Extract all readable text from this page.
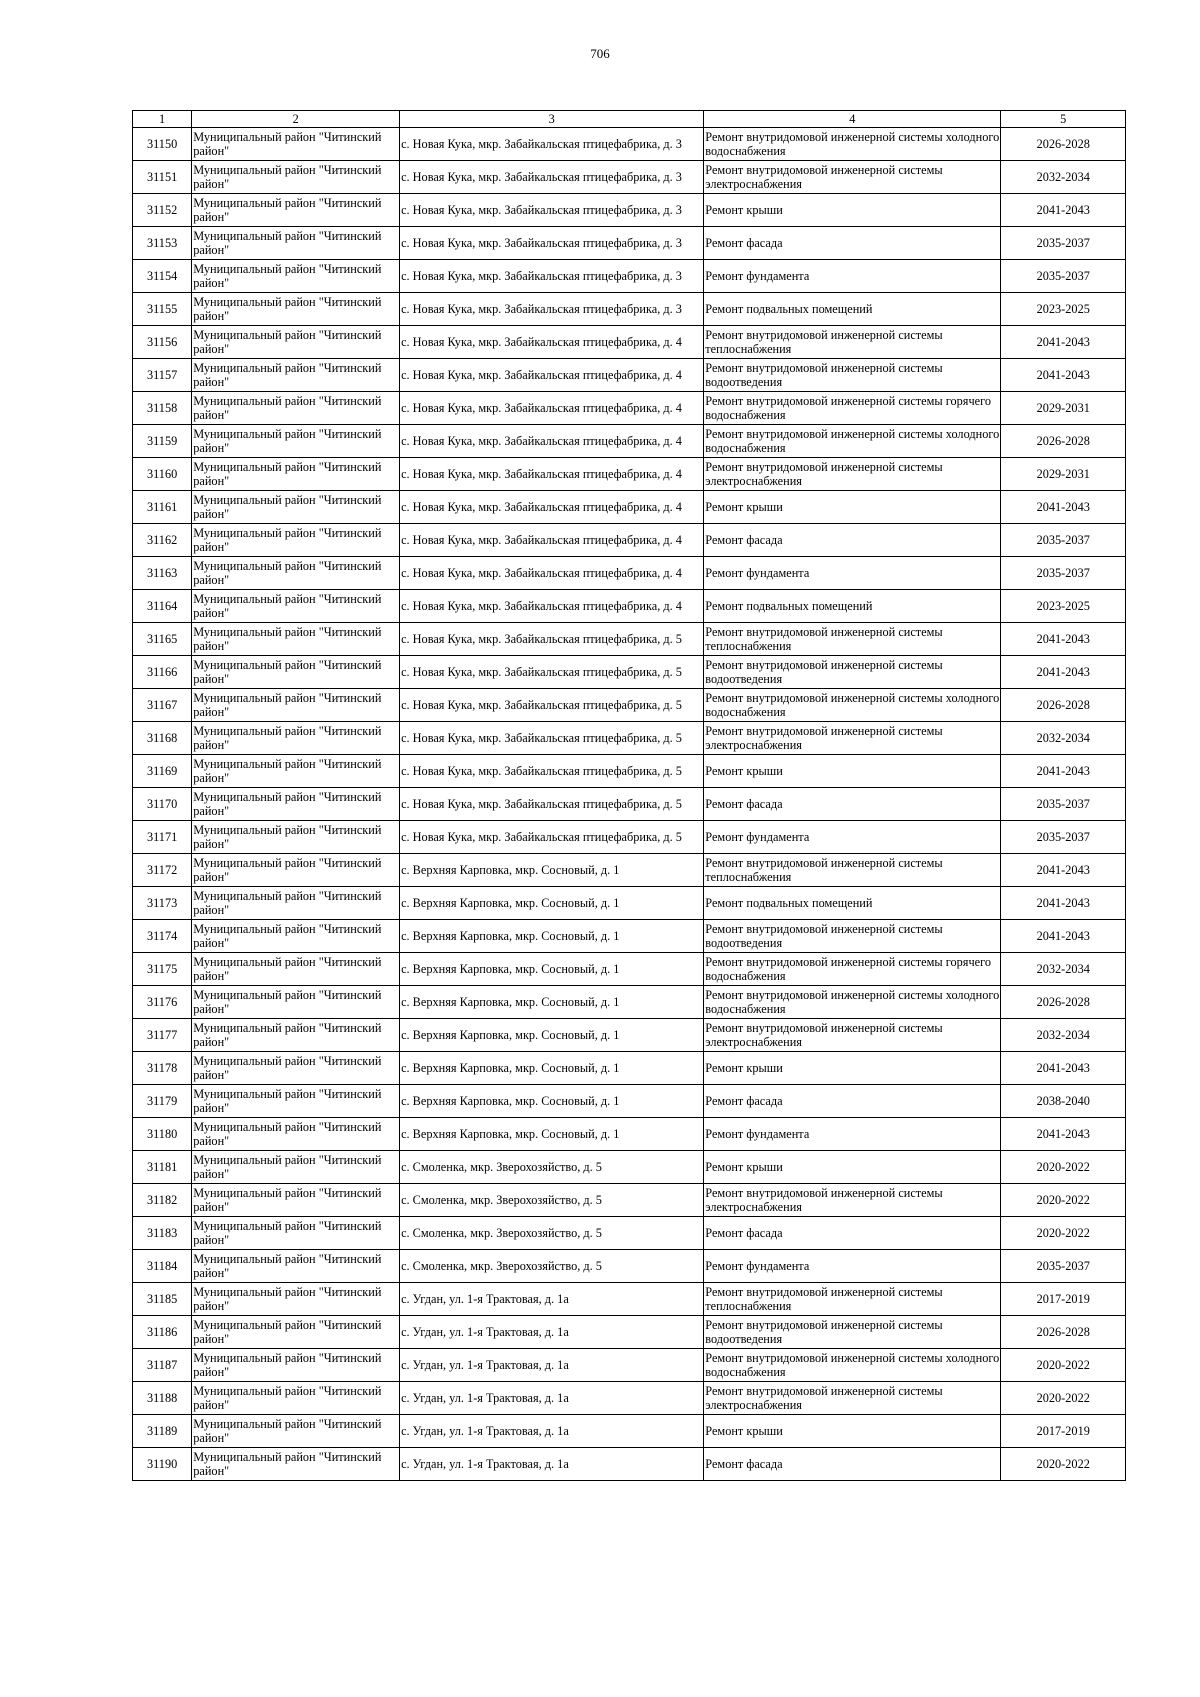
706
1	2	3	4	5
31150	Муниципальный район "Читинский район"	с. Новая Кука, мкр. Забайкальская птицефабрика, д. 3	Ремонт внутридомовой инженерной системы холодного водоснабжения	2026-2028
31151	Муниципальный район "Читинский район"	с. Новая Кука, мкр. Забайкальская птицефабрика, д. 3	Ремонт внутридомовой инженерной системы электроснабжения	2032-2034
31152	Муниципальный район "Читинский район"	с. Новая Кука, мкр. Забайкальская птицефабрика, д. 3	Ремонт крыши	2041-2043
31153	Муниципальный район "Читинский район"	с. Новая Кука, мкр. Забайкальская птицефабрика, д. 3	Ремонт фасада	2035-2037
31154	Муниципальный район "Читинский район"	с. Новая Кука, мкр. Забайкальская птицефабрика, д. 3	Ремонт фундамента	2035-2037
31155	Муниципальный район "Читинский район"	с. Новая Кука, мкр. Забайкальская птицефабрика, д. 3	Ремонт подвальных помещений	2023-2025
31156	Муниципальный район "Читинский район"	с. Новая Кука, мкр. Забайкальская птицефабрика, д. 4	Ремонт внутридомовой инженерной системы теплоснабжения	2041-2043
31157	Муниципальный район "Читинский район"	с. Новая Кука, мкр. Забайкальская птицефабрика, д. 4	Ремонт внутридомовой инженерной системы водоотведения	2041-2043
31158	Муниципальный район "Читинский район"	с. Новая Кука, мкр. Забайкальская птицефабрика, д. 4	Ремонт внутридомовой инженерной системы горячего водоснабжения	2029-2031
31159	Муниципальный район "Читинский район"	с. Новая Кука, мкр. Забайкальская птицефабрика, д. 4	Ремонт внутридомовой инженерной системы холодного водоснабжения	2026-2028
31160	Муниципальный район "Читинский район"	с. Новая Кука, мкр. Забайкальская птицефабрика, д. 4	Ремонт внутридомовой инженерной системы электроснабжения	2029-2031
31161	Муниципальный район "Читинский район"	с. Новая Кука, мкр. Забайкальская птицефабрика, д. 4	Ремонт крыши	2041-2043
31162	Муниципальный район "Читинский район"	с. Новая Кука, мкр. Забайкальская птицефабрика, д. 4	Ремонт фасада	2035-2037
31163	Муниципальный район "Читинский район"	с. Новая Кука, мкр. Забайкальская птицефабрика, д. 4	Ремонт фундамента	2035-2037
31164	Муниципальный район "Читинский район"	с. Новая Кука, мкр. Забайкальская птицефабрика, д. 4	Ремонт подвальных помещений	2023-2025
31165	Муниципальный район "Читинский район"	с. Новая Кука, мкр. Забайкальская птицефабрика, д. 5	Ремонт внутридомовой инженерной системы теплоснабжения	2041-2043
31166	Муниципальный район "Читинский район"	с. Новая Кука, мкр. Забайкальская птицефабрика, д. 5	Ремонт внутридомовой инженерной системы водоотведения	2041-2043
31167	Муниципальный район "Читинский район"	с. Новая Кука, мкр. Забайкальская птицефабрика, д. 5	Ремонт внутридомовой инженерной системы холодного водоснабжения	2026-2028
31168	Муниципальный район "Читинский район"	с. Новая Кука, мкр. Забайкальская птицефабрика, д. 5	Ремонт внутридомовой инженерной системы электроснабжения	2032-2034
31169	Муниципальный район "Читинский район"	с. Новая Кука, мкр. Забайкальская птицефабрика, д. 5	Ремонт крыши	2041-2043
31170	Муниципальный район "Читинский район"	с. Новая Кука, мкр. Забайкальская птицефабрика, д. 5	Ремонт фасада	2035-2037
31171	Муниципальный район "Читинский район"	с. Новая Кука, мкр. Забайкальская птицефабрика, д. 5	Ремонт фундамента	2035-2037
31172	Муниципальный район "Читинский район"	с. Верхняя Карповка, мкр. Сосновый, д. 1	Ремонт внутридомовой инженерной системы теплоснабжения	2041-2043
31173	Муниципальный район "Читинский район"	с. Верхняя Карповка, мкр. Сосновый, д. 1	Ремонт подвальных помещений	2041-2043
31174	Муниципальный район "Читинский район"	с. Верхняя Карповка, мкр. Сосновый, д. 1	Ремонт внутридомовой инженерной системы водоотведения	2041-2043
31175	Муниципальный район "Читинский район"	с. Верхняя Карповка, мкр. Сосновый, д. 1	Ремонт внутридомовой инженерной системы горячего водоснабжения	2032-2034
31176	Муниципальный район "Читинский район"	с. Верхняя Карповка, мкр. Сосновый, д. 1	Ремонт внутридомовой инженерной системы холодного водоснабжения	2026-2028
31177	Муниципальный район "Читинский район"	с. Верхняя Карповка, мкр. Сосновый, д. 1	Ремонт внутридомовой инженерной системы электроснабжения	2032-2034
31178	Муниципальный район "Читинский район"	с. Верхняя Карповка, мкр. Сосновый, д. 1	Ремонт крыши	2041-2043
31179	Муниципальный район "Читинский район"	с. Верхняя Карповка, мкр. Сосновый, д. 1	Ремонт фасада	2038-2040
31180	Муниципальный район "Читинский район"	с. Верхняя Карповка, мкр. Сосновый, д. 1	Ремонт фундамента	2041-2043
31181	Муниципальный район "Читинский район"	с. Смоленка, мкр. Зверохозяйство, д. 5	Ремонт крыши	2020-2022
31182	Муниципальный район "Читинский район"	с. Смоленка, мкр. Зверохозяйство, д. 5	Ремонт внутридомовой инженерной системы электроснабжения	2020-2022
31183	Муниципальный район "Читинский район"	с. Смоленка, мкр. Зверохозяйство, д. 5	Ремонт фасада	2020-2022
31184	Муниципальный район "Читинский район"	с. Смоленка, мкр. Зверохозяйство, д. 5	Ремонт фундамента	2035-2037
31185	Муниципальный район "Читинский район"	с. Угдан, ул. 1-я Трактовая, д. 1а	Ремонт внутридомовой инженерной системы теплоснабжения	2017-2019
31186	Муниципальный район "Читинский район"	с. Угдан, ул. 1-я Трактовая, д. 1а	Ремонт внутридомовой инженерной системы водоотведения	2026-2028
31187	Муниципальный район "Читинский район"	с. Угдан, ул. 1-я Трактовая, д. 1а	Ремонт внутридомовой инженерной системы холодного водоснабжения	2020-2022
31188	Муниципальный район "Читинский район"	с. Угдан, ул. 1-я Трактовая, д. 1а	Ремонт внутридомовой инженерной системы электроснабжения	2020-2022
31189	Муниципальный район "Читинский район"	с. Угдан, ул. 1-я Трактовая, д. 1а	Ремонт крыши	2017-2019
31190	Муниципальный район "Читинский район"	с. Угдан, ул. 1-я Трактовая, д. 1а	Ремонт фасада	2020-2022
